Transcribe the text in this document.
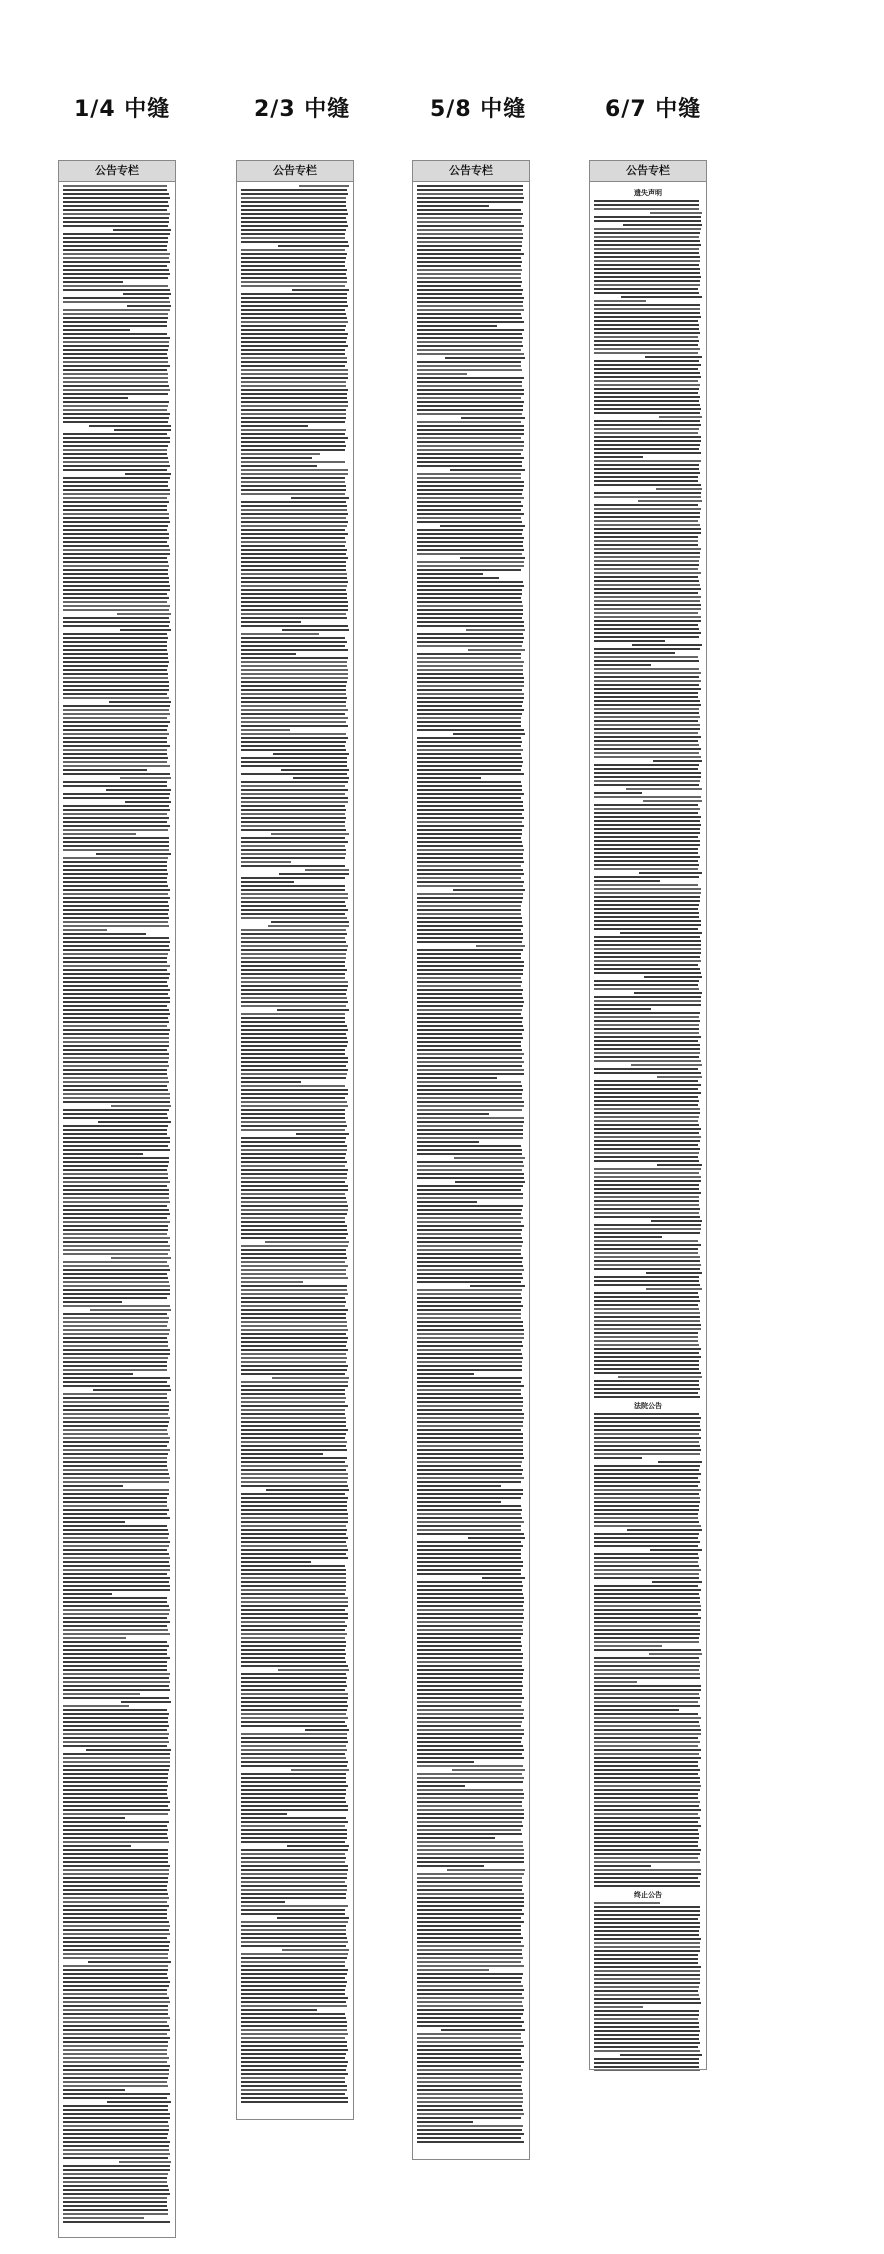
1/4 中缝	2/3 中缝	5/8 中缝	6/7 中缝
公告专栏	公告专栏	公告专栏	公告专栏
遗失声明
法院公告
终止公告
